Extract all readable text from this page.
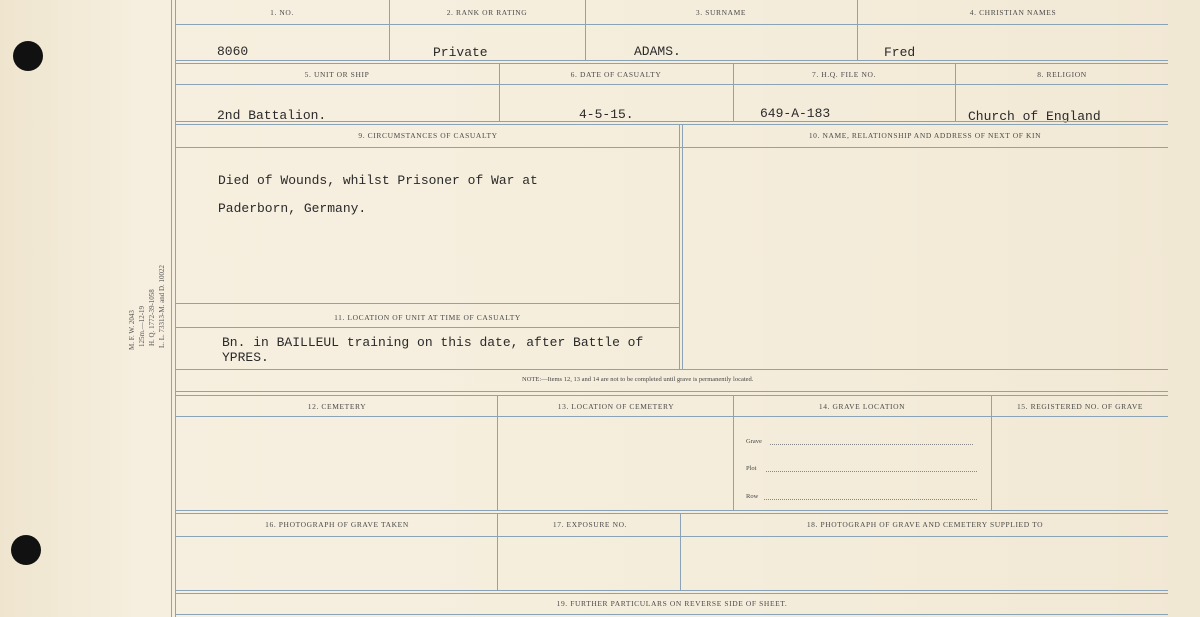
M. F. W. 2043 125m.—12-19 H. Q. 1772-39-1058 L. L. 73313-M. and D. 10022
1. NO.	2. RANK OR RATING	3. SURNAME	4. CHRISTIAN NAMES
8060	Private	ADAMS.	Fred
5. UNIT OR SHIP	6. DATE OF CASUALTY	7. H.Q. FILE NO.	8. RELIGION
2nd Battalion.	4-5-15.	649-A-183	Church of England
9. CIRCUMSTANCES OF CASUALTY	10. NAME, RELATIONSHIP AND ADDRESS OF NEXT OF KIN
Died of Wounds, whilst Prisoner of War at
Paderborn, Germany.
11. LOCATION OF UNIT AT TIME OF CASUALTY
Bn. in BAILLEUL training on this date, after Battle of
YPRES.
NOTE:—Items 12, 13 and 14 are not to be completed until grave is permanently located.
12. CEMETERY	13. LOCATION OF CEMETERY	14. GRAVE LOCATION	15. REGISTERED NO. OF GRAVE
Grave
Plot
Row
16. PHOTOGRAPH OF GRAVE TAKEN	17. EXPOSURE NO.	18. PHOTOGRAPH OF GRAVE AND CEMETERY SUPPLIED TO
19. FURTHER PARTICULARS ON REVERSE SIDE OF SHEET.
